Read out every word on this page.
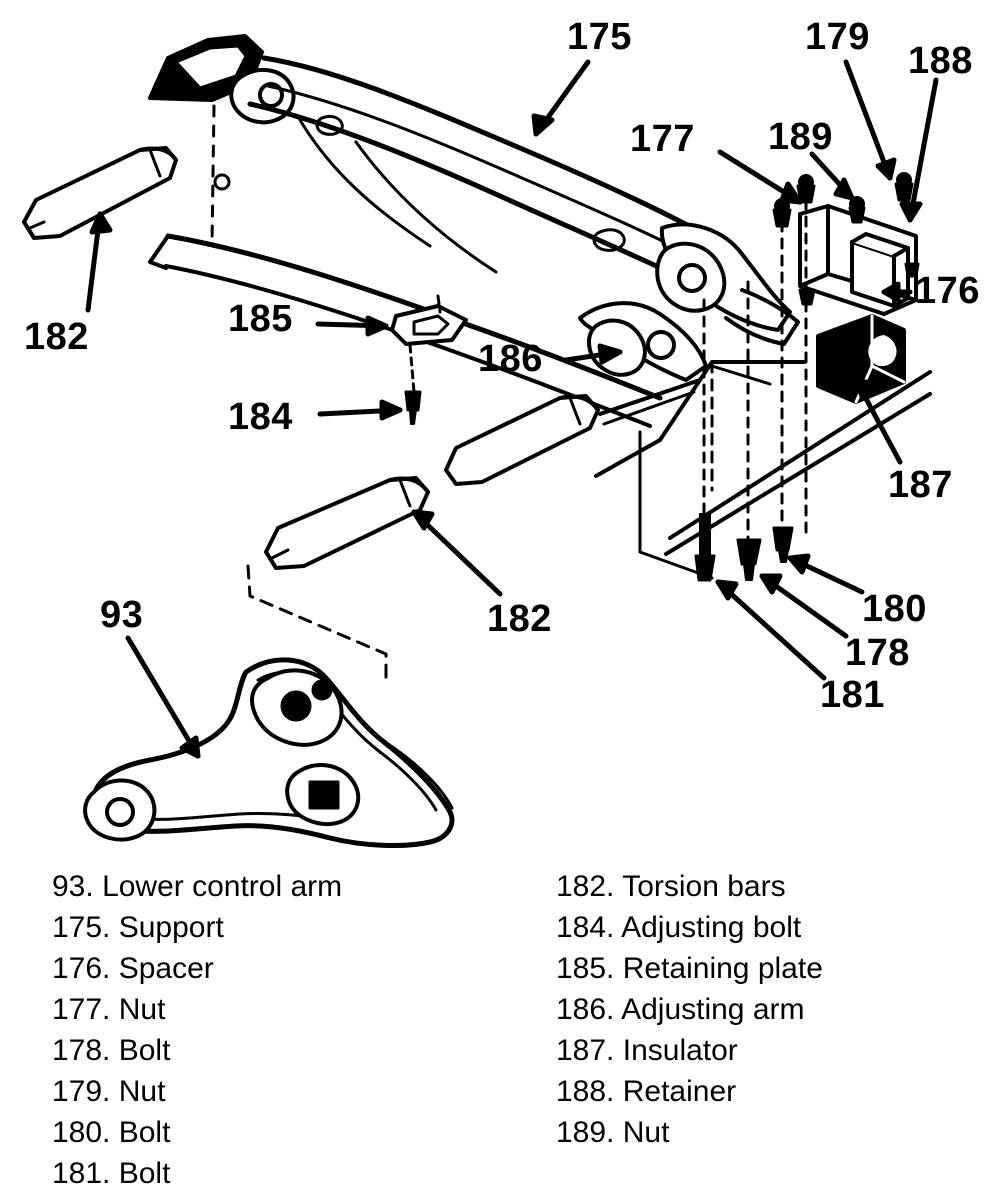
175	179
188
177 189
176
182	185
186
184
187
180
182
178
93
181
93. Lower control arm
175. Support
176. Spacer
177. Nut
178. Bolt
179. Nut
180. Bolt
181. Bolt
182. Torsion bars
184. Adjusting bolt
185. Retaining plate
186. Adjusting arm
187. Insulator
188. Retainer
189. Nut
